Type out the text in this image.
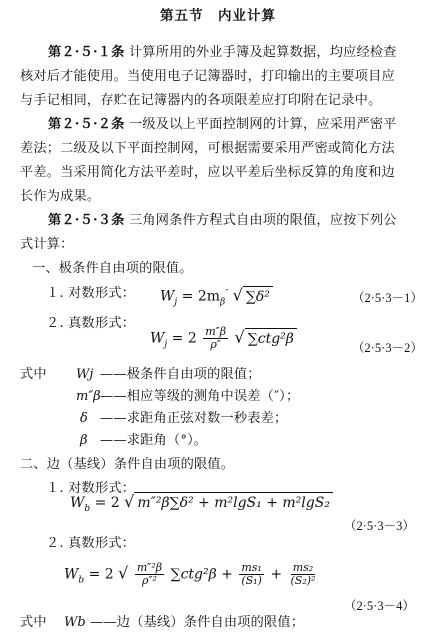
第五节　内业计算
第２·５·１条 计算所用的外业手簿及起算数据，均应经检查
核对后才能使用。当使用电子记簿器时，打印输出的主要项目应
与手记相同，存贮在记簿器内的各项限差应打印附在记录中。
第２·５·２条 一级及以上平面控制网的计算，应采用严密平
差法；二级及以下平面控制网，可根据需要采用严密或简化方法
平差。当采用简化方法平差时，应以平差后坐标反算的角度和边
长作为成果。
第２·５·３条 三角网条件方程式自由项的限值，应按下列公
式计算：
一、极条件自由项的限值。
１. 对数形式： $W_j = 2m_\beta''$ √ ∑δ²	（2·5·3－1）
２. 真数形式：
$W_j = 2 \frac{m''\beta}{\rho''}$ √ ∑ctg²β
（2·5·3－2）
式中 Wj ——极条件自由项的限值；
m″β ——相应等级的测角中误差（″）；
δ ——求距角正弦对数一秒表差；
β ——求距角（°）。
二、边（基线）条件自由项的限值。
１. 对数形式：
$W_b = 2$ √ m″²β∑δ² + m²lgS₁ + m²lgS₂
（2·5·3－3）
２. 真数形式：
$W_b = 2$ √ $\frac{\text{m″²β}}{\text{ρ″²}} \sum ctg^2\beta + \frac{\text{ms₁}}{\text{(S₁)}} + \frac{\text{ms₂}}{\text{(S₂)²}}$
（2·5·3－4）
式中 Wb ——边（基线）条件自由项的限值；
